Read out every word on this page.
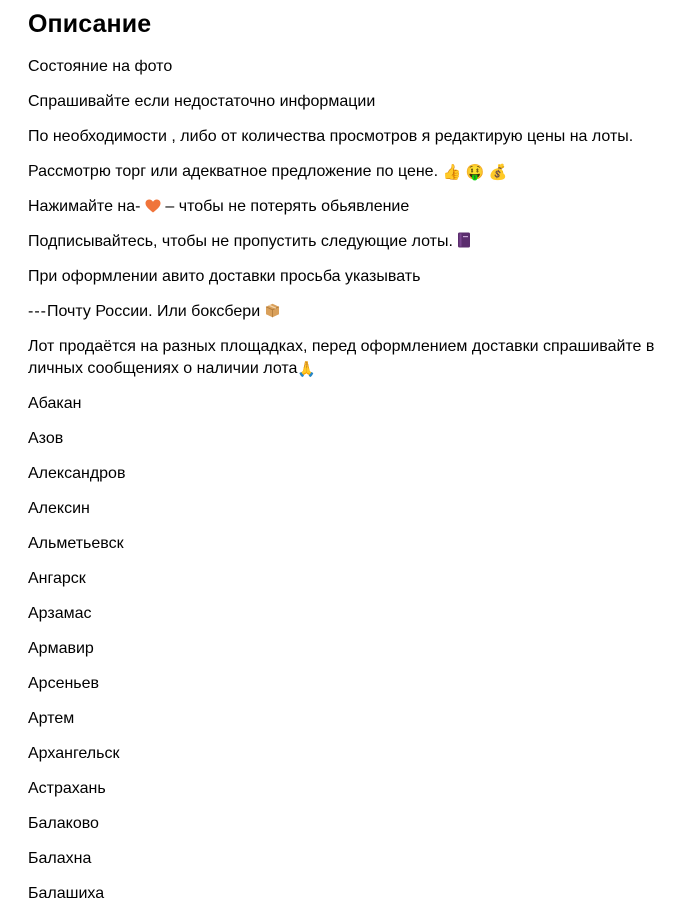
Описание

Состояние на фото

Спрашивайте если недостаточно информации

По необходимости , либо от количества просмотров я редактирую цены на лоты.

Рассмотрю торг или адекватное предложение по цене. 👍 🤑 💰

Нажимайте на- – чтобы не потерять обьявление

Подписывайтесь, чтобы не пропустить следующие лоты.

При оформлении авито доставки просьба указывать

---Почту России. Или боксбери

Лот продаётся на разных площадках, перед оформлением доставки спрашивайте в личных сообщениях о наличии лота🙏

Абакан

Азов

Александров

Алексин

Альметьевск

Ангарск

Арзамас

Армавир

Арсеньев

Артем

Архангельск

Астрахань

Балаково

Балахна

Балашиха
